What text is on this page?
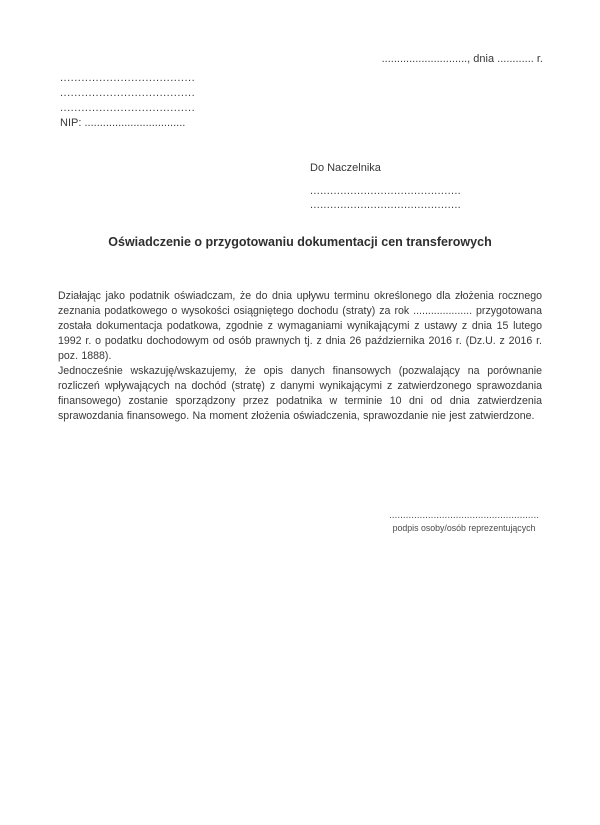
............................, dnia ............ r.
......................................
......................................
......................................
NIP: .................................
Do Naczelnika
.............................................
.............................................
Oświadczenie o przygotowaniu dokumentacji cen transferowych
Działając jako podatnik oświadczam, że do dnia upływu terminu określonego dla złożenia rocznego zeznania podatkowego o wysokości osiągniętego dochodu (straty) za rok .................... przygotowana została dokumentacja podatkowa, zgodnie z wymaganiami wynikającymi z ustawy z dnia 15 lutego 1992 r. o podatku dochodowym od osób prawnych tj. z dnia 26 października 2016 r. (Dz.U. z 2016 r. poz. 1888).
Jednocześnie wskazuję/wskazujemy, że opis danych finansowych (pozwalający na porównanie rozliczeń wpływających na dochód (stratę) z danymi wynikającymi z zatwierdzonego sprawozdania finansowego) zostanie sporządzony przez podatnika w terminie 10 dni od dnia zatwierdzenia sprawozdania finansowego. Na moment złożenia oświadczenia, sprawozdanie nie jest zatwierdzone.
......................................................
podpis osoby/osób reprezentujących
